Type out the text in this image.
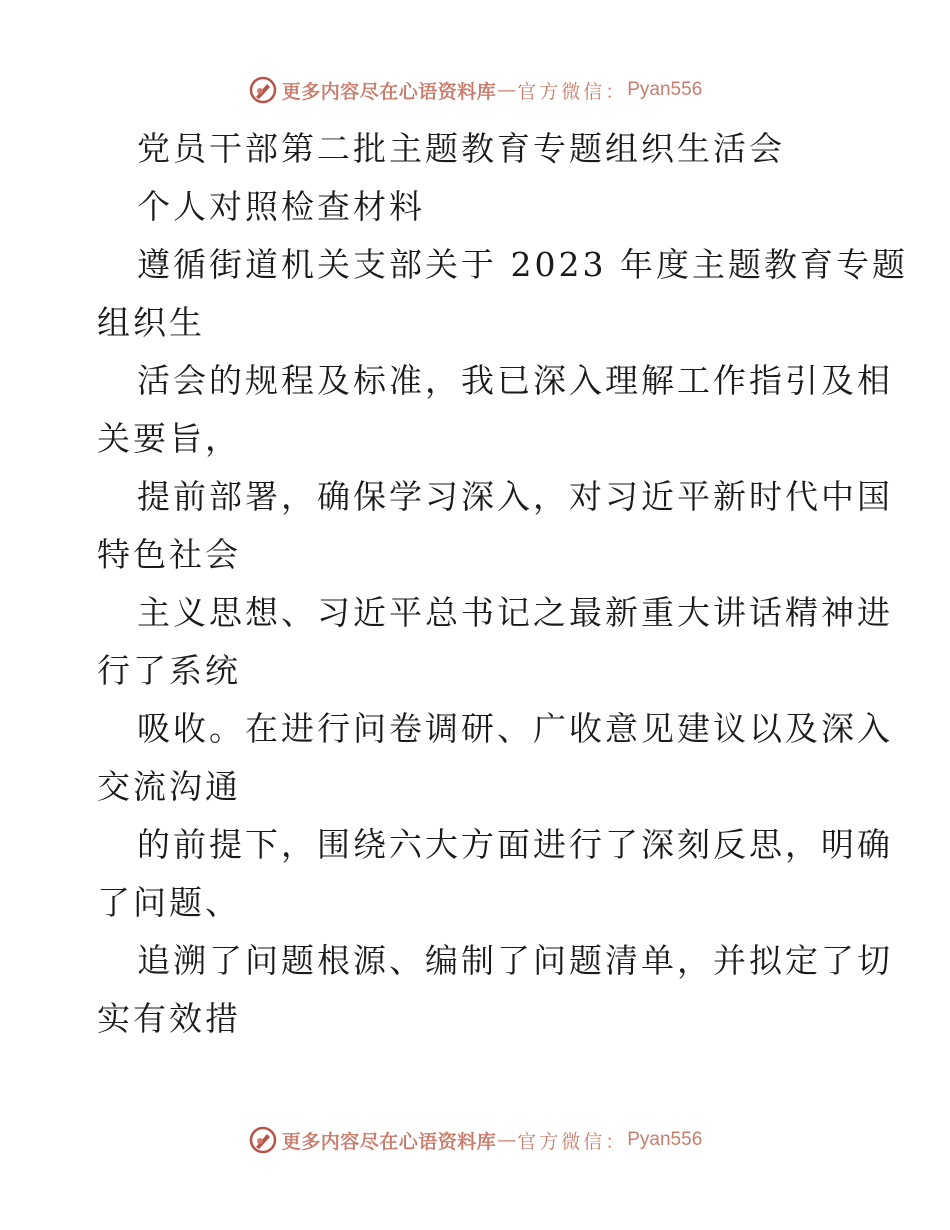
更多内容尽在心语资料库 — 官方微信： Pyan556
党员干部第二批主题教育专题组织生活会
个人对照检查材料
遵循街道机关支部关于 2023 年度主题教育专题
组织生
活会的规程及标准，我已深入理解工作指引及相
关要旨，
提前部署，确保学习深入，对习近平新时代中国
特色社会
主义思想、习近平总书记之最新重大讲话精神进
行了系统
吸收。在进行问卷调研、广收意见建议以及深入
交流沟通
的前提下，围绕六大方面进行了深刻反思，明确
了问题、
追溯了问题根源、编制了问题清单，并拟定了切
实有效措
更多内容尽在心语资料库 — 官方微信： Pyan556
